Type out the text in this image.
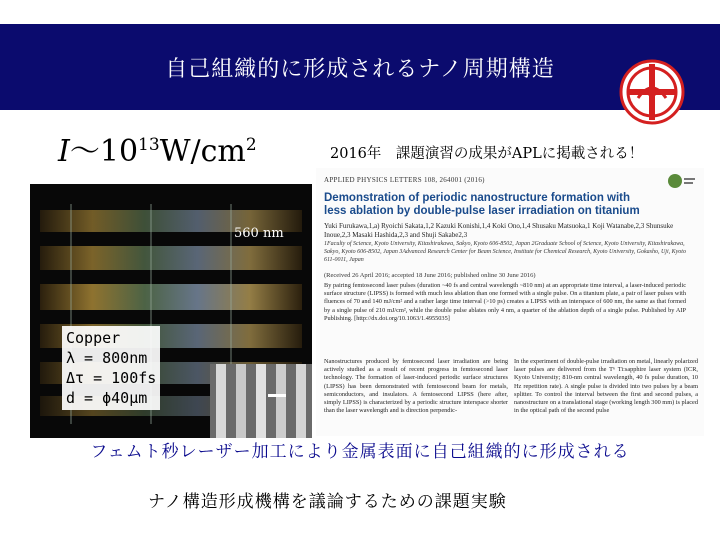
自己組織的に形成されるナノ周期構造
$I\sim 10^{13}W/cm^2$	2016年　課題演習の成果がAPLに掲載される！
560 nm
Copper
λ = 800nm
Δτ = 100fs
d = ϕ40μm
APPLIED PHYSICS LETTERS 108, 264001 (2016)
Demonstration of periodic nanostructure formation with less ablation by double-pulse laser irradiation on titanium
Yuki Furukawa,1,a) Ryoichi Sakata,1,2 Kazuki Konishi,1,4 Koki Ono,1,4 Shusaku Matsuoka,1 Koji Watanabe,2,3 Shunsuke Inoue,2,3 Masaki Hashida,2,3 and Shuji Sakabe2,3
1Faculty of Science, Kyoto University, Kitashirakawa, Sakyo, Kyoto 606-8502, Japan 2Graduate School of Science, Kyoto University, Kitashirakawa, Sakyo, Kyoto 606-8502, Japan 3Advanced Research Center for Beam Science, Institute for Chemical Research, Kyoto University, Gokasho, Uji, Kyoto 611-0011, Japan
(Received 26 April 2016; accepted 18 June 2016; published online 30 June 2016)
By pairing femtosecond laser pulses (duration ~40 fs and central wavelength ~810 nm) at an appropriate time interval, a laser-induced periodic surface structure (LIPSS) is formed with much less ablation than one formed with a single pulse. On a titanium plate, a pair of laser pulses with fluences of 70 and 140 mJ/cm² and a rather large time interval (>10 ps) creates a LIPSS with an interspace of 600 nm, the same as that formed by a single pulse of 210 mJ/cm², while the double pulse ablates only 4 nm, a quarter of the ablation depth of a single pulse. Published by AIP Publishing. [http://dx.doi.org/10.1063/1.4955035]
Nanostructures produced by femtosecond laser irradiation are being actively studied as a result of recent progress in femtosecond laser technology. The formation of laser-induced periodic surface structures (LIPSS) has been demonstrated with femtosecond beam for metals, semiconductors, and insulators. A femtosecond LIPSS (here after, simply LIPSS) is characterized by a periodic structure interspace shorter than the laser wavelength and is direction perpendic-
In the experiment of double-pulse irradiation on metal, linearly polarized laser pulses are delivered from the T⁶ Ti:sapphire laser system (ICR, Kyoto University; 810-nm central wavelength, 40 fs pulse duration, 10 Hz repetition rate). A single pulse is divided into two pulses by a beam splitter. To control the interval between the first and second pulses, a nanostructure on a translational stage (working length 300 mm) is placed in the optical path of the second pulse
フェムト秒レーザー加工により金属表面に自己組織的に形成される
ナノ構造形成機構を議論するための課題実験
